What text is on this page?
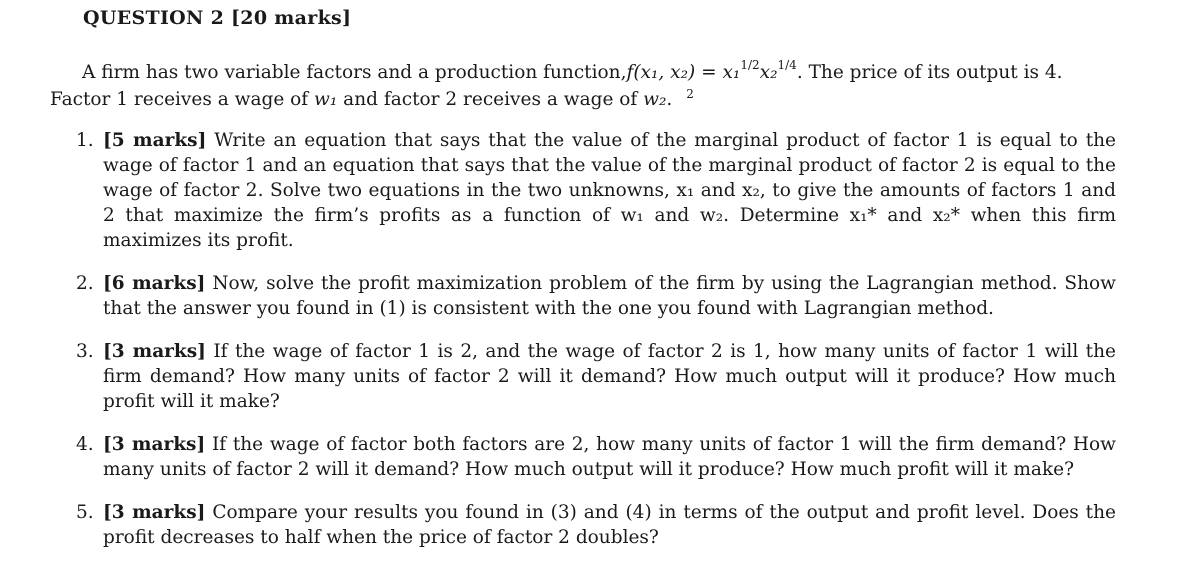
QUESTION 2 [20 marks]
A firm has two variable factors and a production function,f(x₁, x₂) = x₁$^{1/2}$x₂$^{1/4}$. The price of its output is 4.
Factor 1 receives a wage of w₁ and factor 2 receives a wage of w₂. $^2$
1. [5 marks] Write an equation that says that the value of the marginal product of factor 1 is equal to the wage of factor 1 and an equation that says that the value of the marginal product of factor 2 is equal to the wage of factor 2. Solve two equations in the two unknowns, x₁ and x₂, to give the amounts of factors 1 and 2 that maximize the firm’s profits as a function of w₁ and w₂. Determine x₁* and x₂* when this firm maximizes its profit.
2. [6 marks] Now, solve the profit maximization problem of the firm by using the Lagrangian method. Show that the answer you found in (1) is consistent with the one you found with Lagrangian method.
3. [3 marks] If the wage of factor 1 is 2, and the wage of factor 2 is 1, how many units of factor 1 will the firm demand? How many units of factor 2 will it demand? How much output will it produce? How much profit will it make?
4. [3 marks] If the wage of factor both factors are 2, how many units of factor 1 will the firm demand? How many units of factor 2 will it demand? How much output will it produce? How much profit will it make?
5. [3 marks] Compare your results you found in (3) and (4) in terms of the output and profit level. Does the profit decreases to half when the price of factor 2 doubles?
